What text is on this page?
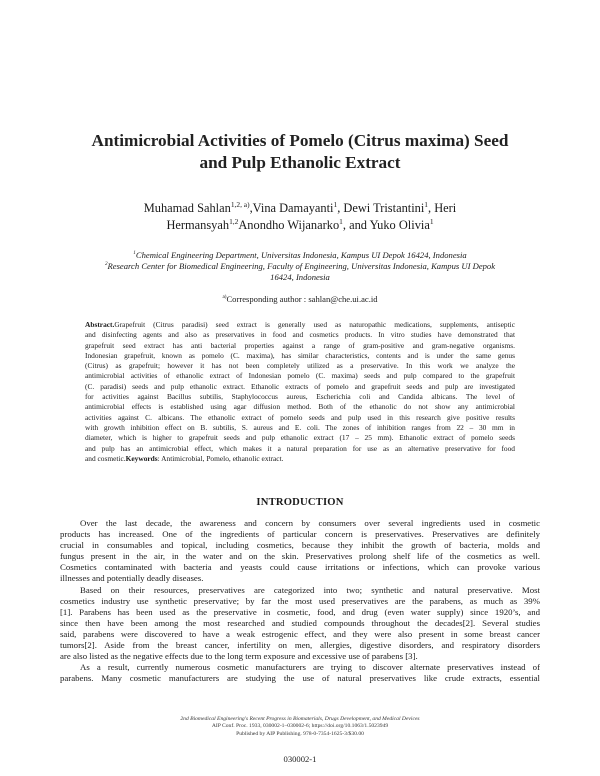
Antimicrobial Activities of Pomelo (Citrus maxima) Seed
and Pulp Ethanolic Extract
Muhamad Sahlan$^{1,2, a)}$,Vina Damayanti$^1$, Dewi Tristantini$^1$, Heri
Hermansyah$^{1,2}$Anondho Wijanarko$^1$, and Yuko Olivia$^1$
$^1$Chemical Engineering Department, Universitas Indonesia, Kampus UI Depok 16424, Indonesia
$^2$Research Center for Biomedical Engineering, Faculty of Engineering, Universitas Indonesia, Kampus UI Depok
16424, Indonesia
$^{a)}$Corresponding author : sahlan@che.ui.ac.id
Abstract.Grapefruit (Citrus paradisi) seed extract is generally used as naturopathic medications, supplements, antiseptic
and disinfecting agents and also as preservatives in food and cosmetics products. In vitro studies have demonstrated that
grapefruit seed extract has anti bacterial properties against a range of gram-positive and gram-negative organisms.
Indonesian grapefruit, known as pomelo (C. maxima), has similar characteristics, contents and is under the same genus
(Citrus) as grapefruit; however it has not been completely utilized as a preservative. In this work we analyze the
antimicrobial activities of ethanolic extract of Indonesian pomelo (C. maxima) seeds and pulp compared to the grapefruit
(C. paradisi) seeds and pulp ethanolic extract. Ethanolic extracts of pomelo and grapefruit seeds and pulp are investigated
for activities against Bacillus subtilis, Staphylococcus aureus, Escherichia coli and Candida albicans. The level of
antimicrobial effects is established using agar diffusion method. Both of the ethanolic do not show any antimicrobial
activities against C. albicans. The ethanolic extract of pomelo seeds and pulp used in this research give positive results
with growth inhibition effect on B. subtilis, S. aureus and E. coli. The zones of inhibition ranges from 22 – 30 mm in
diameter, which is higher to grapefruit seeds and pulp ethanolic extract (17 – 25 mm). Ethanolic extract of pomelo seeds
and pulp has an antimicrobial effect, which makes it a natural preparation for use as an alternative preservative for food
and cosmetic.Keywords: Antimicrobial, Pomelo, ethanolic extract.
INTRODUCTION
Over the last decade, the awareness and concern by consumers over several ingredients used in cosmetic
products has increased. One of the ingredients of particular concern is preservatives. Preservatives are definitely
crucial in consumables and topical, including cosmetics, because they inhibit the growth of bacteria, molds and
fungus present in the air, in the water and on the skin. Preservatives prolong shelf life of the cosmetics as well.
Cosmetics contaminated with bacteria and yeasts could cause irritations or infections, which can provoke various
illnesses and potentially deadly diseases.
Based on their resources, preservatives are categorized into two; synthetic and natural preservative. Most
cosmetics industry use synthetic preservative; by far the most used preservatives are the parabens, as much as 39%
[1]. Parabens has been used as the preservative in cosmetic, food, and drug (even water supply) since 1920’s, and
since then have been among the most researched and studied compounds throughout the decades[2]. Several studies
said, parabens were discovered to have a weak estrogenic effect, and they were also present in some breast cancer
tumors[2]. Aside from the breast cancer, infertility on men, allergies, digestive disorders, and respiratory disorders
are also listed as the negative effects due to the long term exposure and excessive use of parabens [3].
As a result, currently numerous cosmetic manufacturers are trying to discover alternate preservatives instead of
parabens. Many cosmetic manufacturers are studying the use of natural preservatives like crude extracts, essential
2nd Biomedical Engineering's Recent Progress in Biomaterials, Drugs Development, and Medical Devices
AIP Conf. Proc. 1933, 030002-1–030002-6; https://doi.org/10.1063/1.5023949
Published by AIP Publishing. 978-0-7354-1625-3/$30.00
030002-1
